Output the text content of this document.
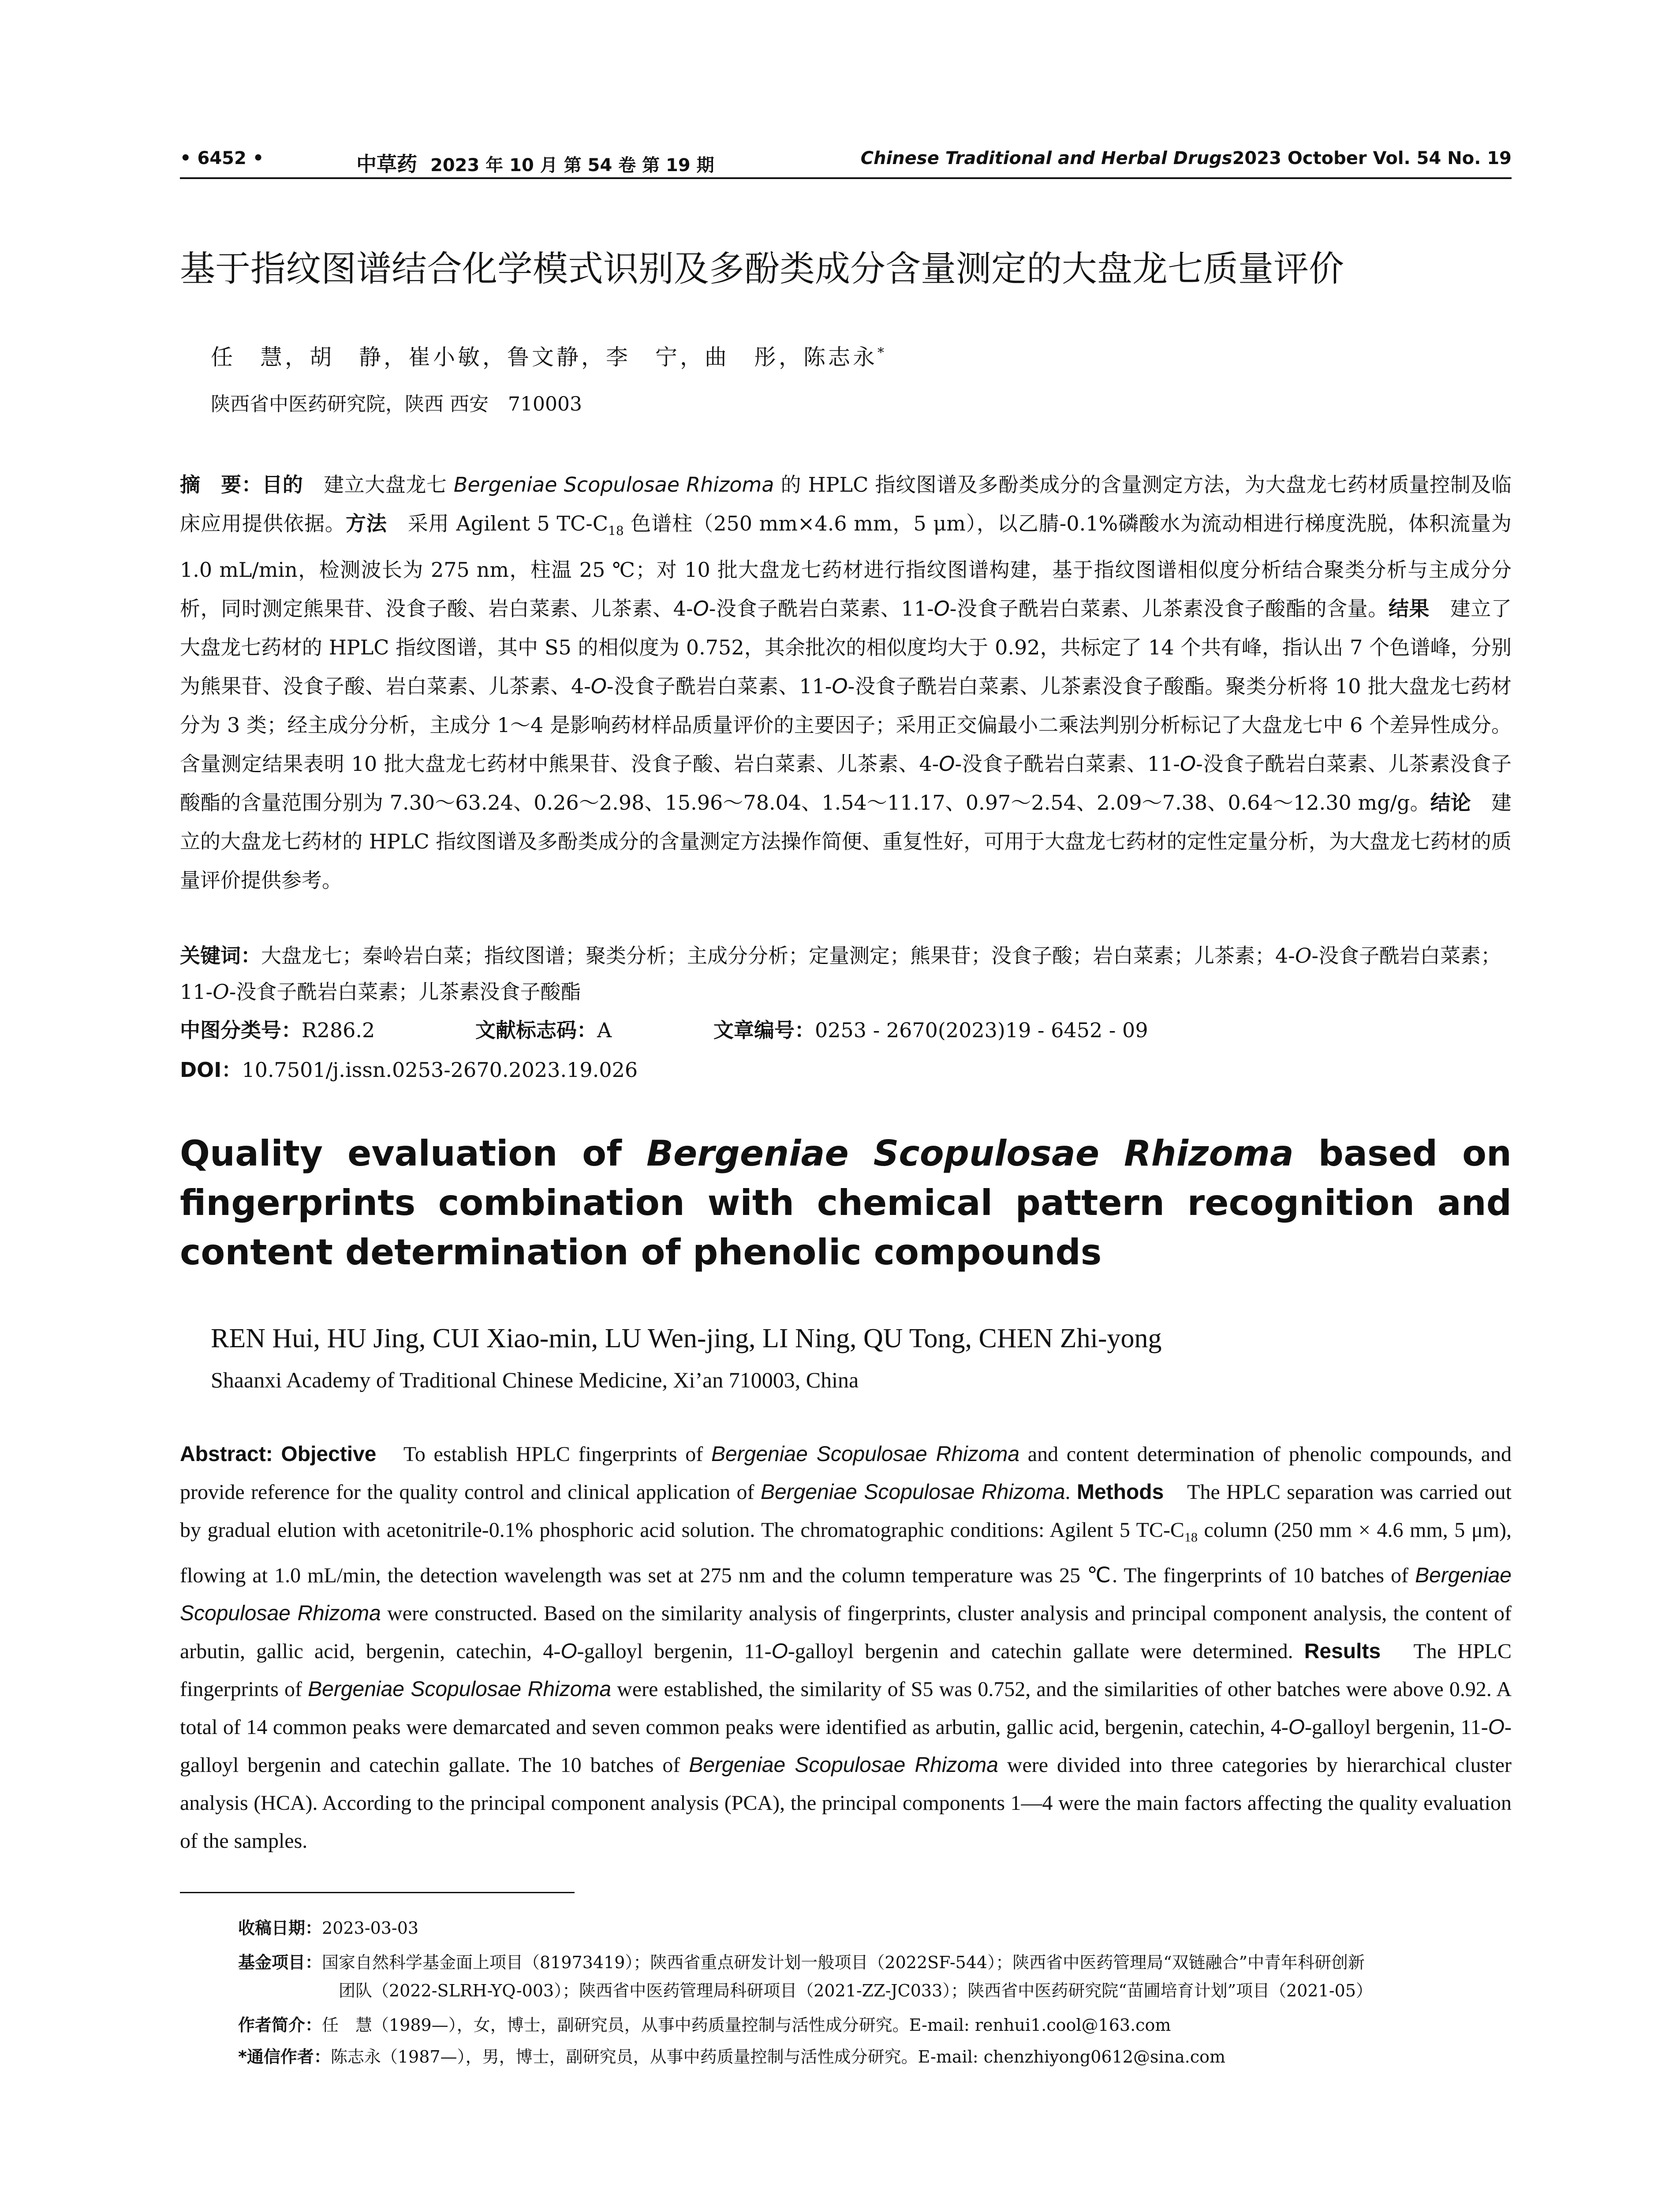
• 6452 •	中草药 2023 年 10 月 第 54 卷 第 19 期	Chinese Traditional and Herbal Drugs2023 October Vol. 54 No. 19
基于指纹图谱结合化学模式识别及多酚类成分含量测定的大盘龙七质量评价
任　慧，胡　静，崔小敏，鲁文静，李　宁，曲　彤，陈志永*
陕西省中医药研究院，陕西 西安　710003
摘　要：目的　建立大盘龙七 Bergeniae Scopulosae Rhizoma 的 HPLC 指纹图谱及多酚类成分的含量测定方法，为大盘龙七药材质量控制及临床应用提供依据。方法　采用 Agilent 5 $TC-C_{18}$ 色谱柱（250 mm×4.6 mm，5 μm），以乙腈-0.1%磷酸水为流动相进行梯度洗脱，体积流量为 1.0 mL/min，检测波长为 275 nm，柱温 25 ℃；对 10 批大盘龙七药材进行指纹图谱构建，基于指纹图谱相似度分析结合聚类分析与主成分分析，同时测定熊果苷、没食子酸、岩白菜素、儿茶素、4-O-没食子酰岩白菜素、11-O-没食子酰岩白菜素、儿茶素没食子酸酯的含量。结果　建立了大盘龙七药材的 HPLC 指纹图谱，其中 S5 的相似度为 0.752，其余批次的相似度均大于 0.92，共标定了 14 个共有峰，指认出 7 个色谱峰，分别为熊果苷、没食子酸、岩白菜素、儿茶素、4-O-没食子酰岩白菜素、11-O-没食子酰岩白菜素、儿茶素没食子酸酯。聚类分析将 10 批大盘龙七药材分为 3 类；经主成分分析，主成分 1～4 是影响药材样品质量评价的主要因子；采用正交偏最小二乘法判别分析标记了大盘龙七中 6 个差异性成分。含量测定结果表明 10 批大盘龙七药材中熊果苷、没食子酸、岩白菜素、儿茶素、4-O-没食子酰岩白菜素、11-O-没食子酰岩白菜素、儿茶素没食子酸酯的含量范围分别为 7.30～63.24、0.26～2.98、15.96～78.04、1.54～11.17、0.97～2.54、2.09～7.38、0.64～12.30 mg/g。结论　建立的大盘龙七药材的 HPLC 指纹图谱及多酚类成分的含量测定方法操作简便、重复性好，可用于大盘龙七药材的定性定量分析，为大盘龙七药材的质量评价提供参考。
关键词：大盘龙七；秦岭岩白菜；指纹图谱；聚类分析；主成分分析；定量测定；熊果苷；没食子酸；岩白菜素；儿茶素；4-O-没食子酰岩白菜素；11-O-没食子酰岩白菜素；儿茶素没食子酸酯
中图分类号：R286.2	文献标志码：A	文章编号：0253 - 2670(2023)19 - 6452 - 09
DOI：10.7501/j.issn.0253-2670.2023.19.026
Quality evaluation of Bergeniae Scopulosae Rhizoma based on fingerprints combination with chemical pattern recognition and content determination of phenolic compounds
REN Hui, HU Jing, CUI Xiao-min, LU Wen-jing, LI Ning, QU Tong, CHEN Zhi-yong
Shaanxi Academy of Traditional Chinese Medicine, Xi’an 710003, China
Abstract: Objective　To establish HPLC fingerprints of Bergeniae Scopulosae Rhizoma and content determination of phenolic compounds, and provide reference for the quality control and clinical application of Bergeniae Scopulosae Rhizoma. Methods　The HPLC separation was carried out by gradual elution with acetonitrile-0.1% phosphoric acid solution. The chromatographic conditions: Agilent 5 $TC-C_{18}$ column (250 mm × 4.6 mm, 5 μm), flowing at 1.0 mL/min, the detection wavelength was set at 275 nm and the column temperature was 25 ℃. The fingerprints of 10 batches of Bergeniae Scopulosae Rhizoma were constructed. Based on the similarity analysis of fingerprints, cluster analysis and principal component analysis, the content of arbutin, gallic acid, bergenin, catechin, 4-O-galloyl bergenin, 11-O-galloyl bergenin and catechin gallate were determined. Results　The HPLC fingerprints of Bergeniae Scopulosae Rhizoma were established, the similarity of S5 was 0.752, and the similarities of other batches were above 0.92. A total of 14 common peaks were demarcated and seven common peaks were identified as arbutin, gallic acid, bergenin, catechin, 4-O-galloyl bergenin, 11-O-galloyl bergenin and catechin gallate. The 10 batches of Bergeniae Scopulosae Rhizoma were divided into three categories by hierarchical cluster analysis (HCA). According to the principal component analysis (PCA), the principal components 1—4 were the main factors affecting the quality evaluation of the samples.
收稿日期：2023-03-03
基金项目：国家自然科学基金面上项目（81973419）；陕西省重点研发计划一般项目（2022SF-544）；陕西省中医药管理局“双链融合”中青年科研创新
团队（2022-SLRH-YQ-003）；陕西省中医药管理局科研项目（2021-ZZ-JC033）；陕西省中医药研究院“苗圃培育计划”项目（2021-05）
作者简介：任　慧（1989—），女，博士，副研究员，从事中药质量控制与活性成分研究。E-mail: renhui1.cool@163.com
*通信作者：陈志永（1987—），男，博士，副研究员，从事中药质量控制与活性成分研究。E-mail: chenzhiyong0612@sina.com
